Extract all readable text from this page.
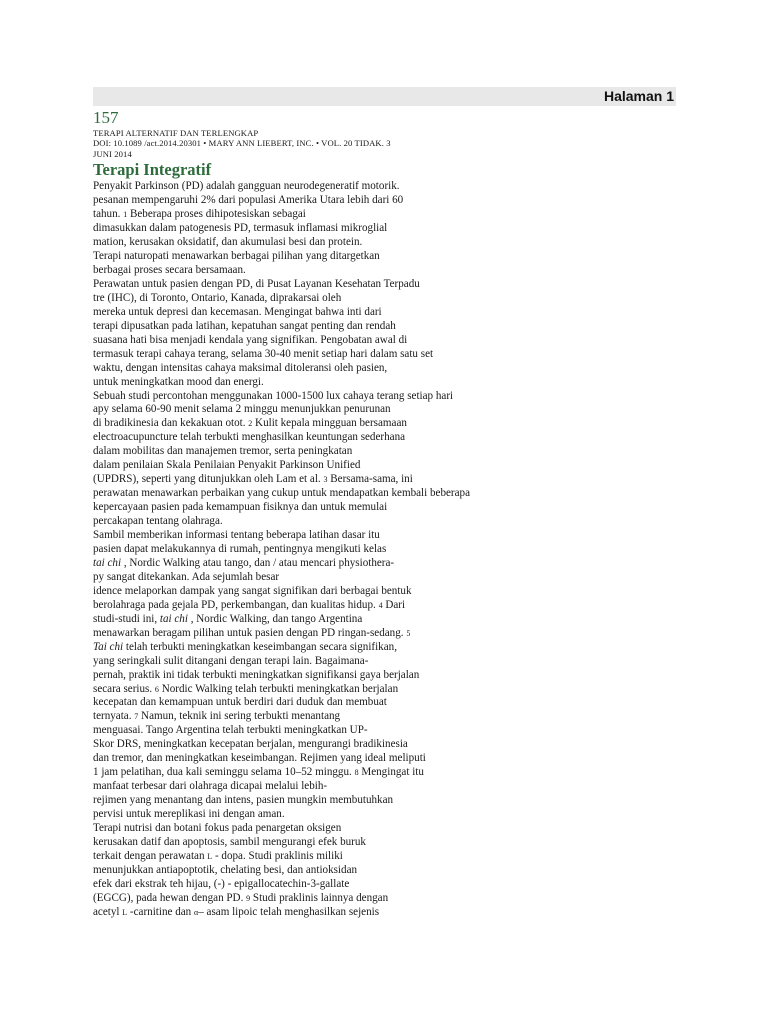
Halaman 1

157

TERAPI ALTERNATIF DAN TERLENGKAP

DOI: 10.1089 /act.2014.20301 • MARY ANN LIEBERT, INC. • VOL. 20 TIDAK. 3

JUNI 2014

Terapi Integratif
Penyakit Parkinson (PD) adalah gangguan neurodegeneratif motorik.
pesanan mempengaruhi 2% dari populasi Amerika Utara lebih dari 60
tahun. 1 Beberapa proses dihipotesiskan sebagai
dimasukkan dalam patogenesis PD, termasuk inflamasi mikroglial
mation, kerusakan oksidatif, dan akumulasi besi dan protein.
Terapi naturopati menawarkan berbagai pilihan yang ditargetkan
berbagai proses secara bersamaan.
Perawatan untuk pasien dengan PD, di Pusat Layanan Kesehatan Terpadu
tre (IHC), di Toronto, Ontario, Kanada, diprakarsai oleh
mereka untuk depresi dan kecemasan. Mengingat bahwa inti dari
terapi dipusatkan pada latihan, kepatuhan sangat penting dan rendah
suasana hati bisa menjadi kendala yang signifikan. Pengobatan awal di
termasuk terapi cahaya terang, selama 30-40 menit setiap hari dalam satu set
waktu, dengan intensitas cahaya maksimal ditoleransi oleh pasien,
untuk meningkatkan mood dan energi.
Sebuah studi percontohan menggunakan 1000-1500 lux cahaya terang setiap hari
apy selama 60-90 menit selama 2 minggu menunjukkan penurunan
di bradikinesia dan kekakuan otot. 2 Kulit kepala mingguan bersamaan
electroacupuncture telah terbukti menghasilkan keuntungan sederhana
dalam mobilitas dan manajemen tremor, serta peningkatan
dalam penilaian Skala Penilaian Penyakit Parkinson Unified
(UPDRS), seperti yang ditunjukkan oleh Lam et al. 3 Bersama-sama, ini
perawatan menawarkan perbaikan yang cukup untuk mendapatkan kembali beberapa
kepercayaan pasien pada kemampuan fisiknya dan untuk memulai
percakapan tentang olahraga.
Sambil memberikan informasi tentang beberapa latihan dasar itu
pasien dapat melakukannya di rumah, pentingnya mengikuti kelas
tai chi , Nordic Walking atau tango, dan / atau mencari physiothera-
py sangat ditekankan. Ada sejumlah besar
idence melaporkan dampak yang sangat signifikan dari berbagai bentuk
berolahraga pada gejala PD, perkembangan, dan kualitas hidup. 4 Dari
studi-studi ini, tai chi , Nordic Walking, dan tango Argentina
menawarkan beragam pilihan untuk pasien dengan PD ringan-sedang. 5
Tai chi telah terbukti meningkatkan keseimbangan secara signifikan,
yang seringkali sulit ditangani dengan terapi lain. Bagaimana-
pernah, praktik ini tidak terbukti meningkatkan signifikansi gaya berjalan
secara serius. 6 Nordic Walking telah terbukti meningkatkan berjalan
kecepatan dan kemampuan untuk berdiri dari duduk dan membuat
ternyata. 7 Namun, teknik ini sering terbukti menantang
menguasai. Tango Argentina telah terbukti meningkatkan UP-
Skor DRS, meningkatkan kecepatan berjalan, mengurangi bradikinesia
dan tremor, dan meningkatkan keseimbangan. Rejimen yang ideal meliputi
1 jam pelatihan, dua kali seminggu selama 10–52 minggu. 8 Mengingat itu
manfaat terbesar dari olahraga dicapai melalui lebih-
rejimen yang menantang dan intens, pasien mungkin membutuhkan
pervisi untuk mereplikasi ini dengan aman.
Terapi nutrisi dan botani fokus pada penargetan oksigen
kerusakan datif dan apoptosis, sambil mengurangi efek buruk
terkait dengan perawatan L - dopa. Studi praklinis miliki
menunjukkan antiapoptotik, chelating besi, dan antioksidan
efek dari ekstrak teh hijau, (-) - epigallocatechin-3-gallate
(EGCG), pada hewan dengan PD. 9 Studi praklinis lainnya dengan
acetyl L -carnitine dan α– asam lipoic telah menghasilkan sejenis
